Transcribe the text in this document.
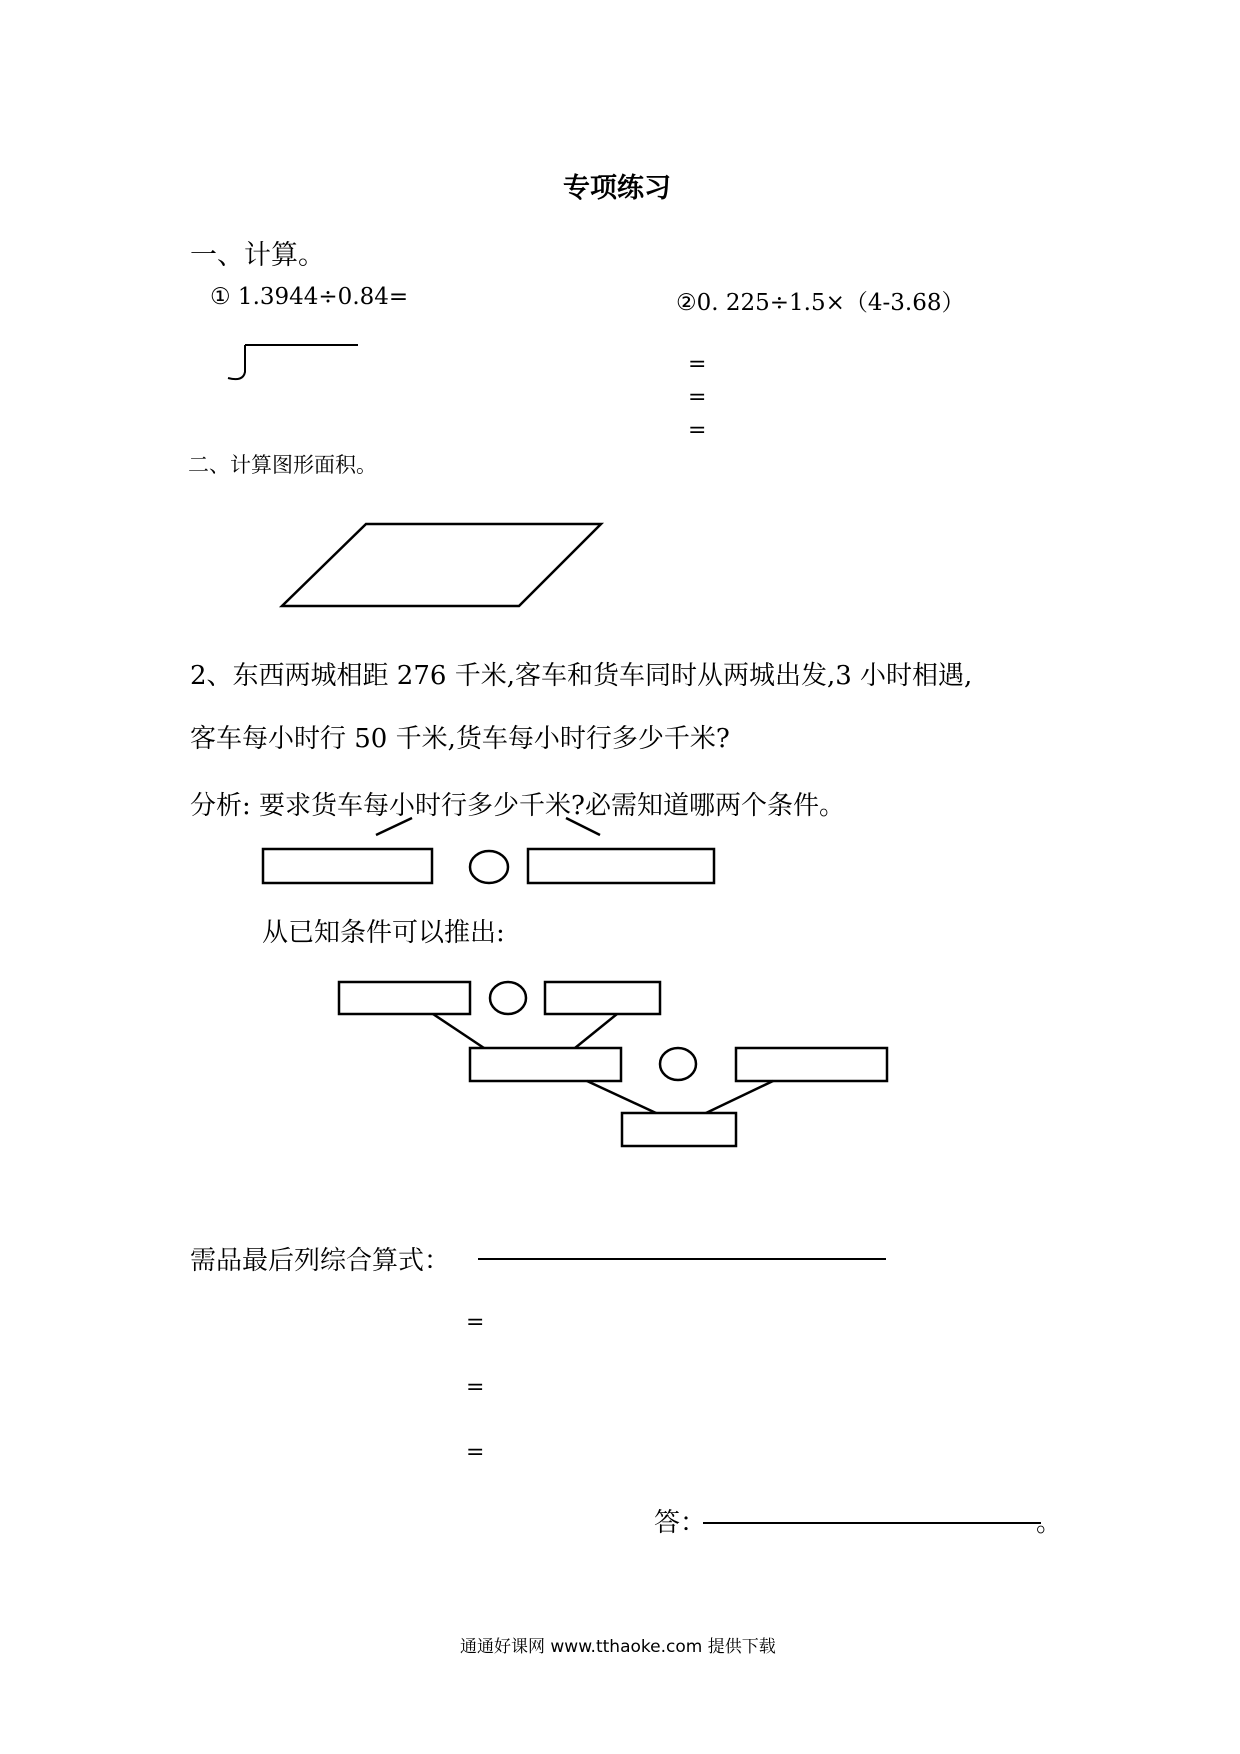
专项练习
一、计算。
① 1.3944÷0.84=	②0. 225÷1.5×（4-3.68）
=
=
=
二、计算图形面积。
2、东西两城相距 276 千米,客车和货车同时从两城出发,3 小时相遇,
客车每小时行 50 千米,货车每小时行多少千米?
分析: 要求货车每小时行多少千米?必需知道哪两个条件。
从已知条件可以推出:
需品最后列综合算式：
=
=
=
答：	。
通通好课网 www.tthaoke.com 提供下载
